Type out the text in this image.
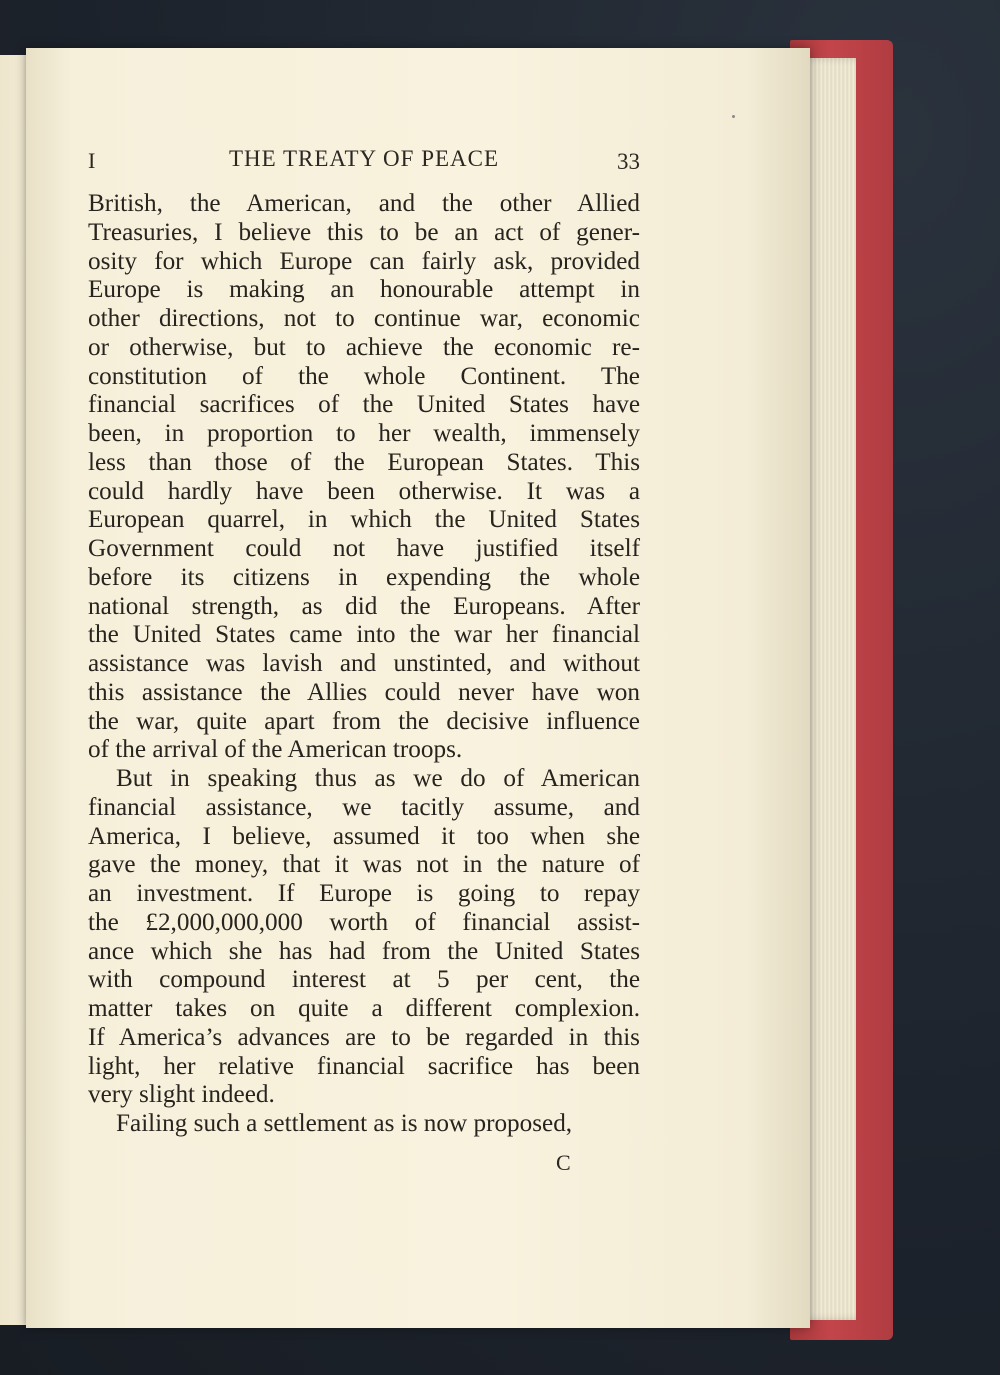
I	THE TREATY OF PEACE	33
British, the American, and the other Allied
Treasuries, I believe this to be an act of gener-
osity for which Europe can fairly ask, provided
Europe is making an honourable attempt in
other directions, not to continue war, economic
or otherwise, but to achieve the economic re-
constitution of the whole Continent. The
financial sacrifices of the United States have
been, in proportion to her wealth, immensely
less than those of the European States. This
could hardly have been otherwise. It was a
European quarrel, in which the United States
Government could not have justified itself
before its citizens in expending the whole
national strength, as did the Europeans. After
the United States came into the war her financial
assistance was lavish and unstinted, and without
this assistance the Allies could never have won
the war, quite apart from the decisive influence
of the arrival of the American troops.
But in speaking thus as we do of American
financial assistance, we tacitly assume, and
America, I believe, assumed it too when she
gave the money, that it was not in the nature of
an investment. If Europe is going to repay
the £2,000,000,000 worth of financial assist-
ance which she has had from the United States
with compound interest at 5 per cent, the
matter takes on quite a different complexion.
If America’s advances are to be regarded in this
light, her relative financial sacrifice has been
very slight indeed.
Failing such a settlement as is now proposed,
C
